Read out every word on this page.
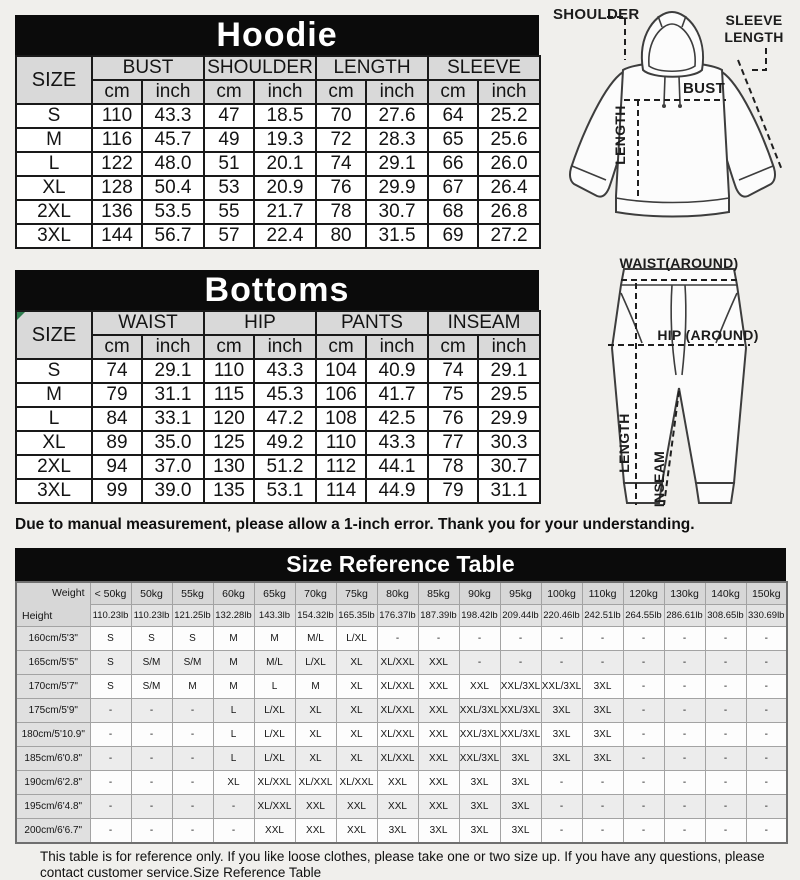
Hoodie
SIZE	BUST		SHOULDER		LENGTH		SLEEVE	
	cm	inch	cm	inch	cm	inch	cm	inch
S	110	43.3	47	18.5	70	27.6	64	25.2
M	116	45.7	49	19.3	72	28.3	65	25.6
L	122	48.0	51	20.1	74	29.1	66	26.0
XL	128	50.4	53	20.9	76	29.9	67	26.4
2XL	136	53.5	55	21.7	78	30.7	68	26.8
3XL	144	56.7	57	22.4	80	31.5	69	27.2
Bottoms
SIZE	WAIST		HIP		PANTS		INSEAM	
	cm	inch	cm	inch	cm	inch	cm	inch
S	74	29.1	110	43.3	104	40.9	74	29.1
M	79	31.1	115	45.3	106	41.7	75	29.5
L	84	33.1	120	47.2	108	42.5	76	29.9
XL	89	35.0	125	49.2	110	43.3	77	30.3
2XL	94	37.0	130	51.2	112	44.1	78	30.7
3XL	99	39.0	135	53.1	114	44.9	79	31.1
Due to manual measurement, please allow a 1-inch error. Thank you for your understanding.
SHOULDER	SLEEVE LENGTH
BUST
LENGTH
WAIST(AROUND)
HIP (AROUND)
LENGTH
INSEAM
Size Reference Table
Weight
Height	< 50kg	50kg	55kg	60kg	65kg	70kg	75kg	80kg	85kg	90kg	95kg	100kg	110kg	120kg	130kg	140kg	150kg
	110.23lb	110.23lb	121.25lb	132.28lb	143.3lb	154.32lb	165.35lb	176.37lb	187.39lb	198.42lb	209.44lb	220.46lb	242.51lb	264.55lb	286.61lb	308.65lb	330.69lb
160cm/5'3"	S	S	S	M	M	M/L	L/XL	-	-	-	-	-	-	-	-	-	-
165cm/5'5"	S	S/M	S/M	M	M/L	L/XL	XL	XL/XXL	XXL	-	-	-	-	-	-	-	-
170cm/5'7"	S	S/M	M	M	L	M	XL	XL/XXL	XXL	XXL	XXL/3XL	XXL/3XL	3XL	-	-	-	-
175cm/5'9"	-	-	-	L	L/XL	XL	XL	XL/XXL	XXL	XXL/3XL	XXL/3XL	3XL	3XL	-	-	-	-
180cm/5'10.9"	-	-	-	L	L/XL	XL	XL	XL/XXL	XXL	XXL/3XL	XXL/3XL	3XL	3XL	-	-	-	-
185cm/6'0.8"	-	-	-	L	L/XL	XL	XL	XL/XXL	XXL	XXL/3XL	3XL	3XL	3XL	-	-	-	-
190cm/6'2.8"	-	-	-	XL	XL/XXL	XL/XXL	XL/XXL	XXL	XXL	3XL	3XL	-	-	-	-	-	-
195cm/6'4.8"	-	-	-	-	XL/XXL	XXL	XXL	XXL	XXL	3XL	3XL	-	-	-	-	-	-
200cm/6'6.7"	-	-	-	-	XXL	XXL	XXL	3XL	3XL	3XL	3XL	-	-	-	-	-	-
This table is for reference only. If you like loose clothes, please take one or two size up. If you have any questions, please contact customer service.Size Reference Table
